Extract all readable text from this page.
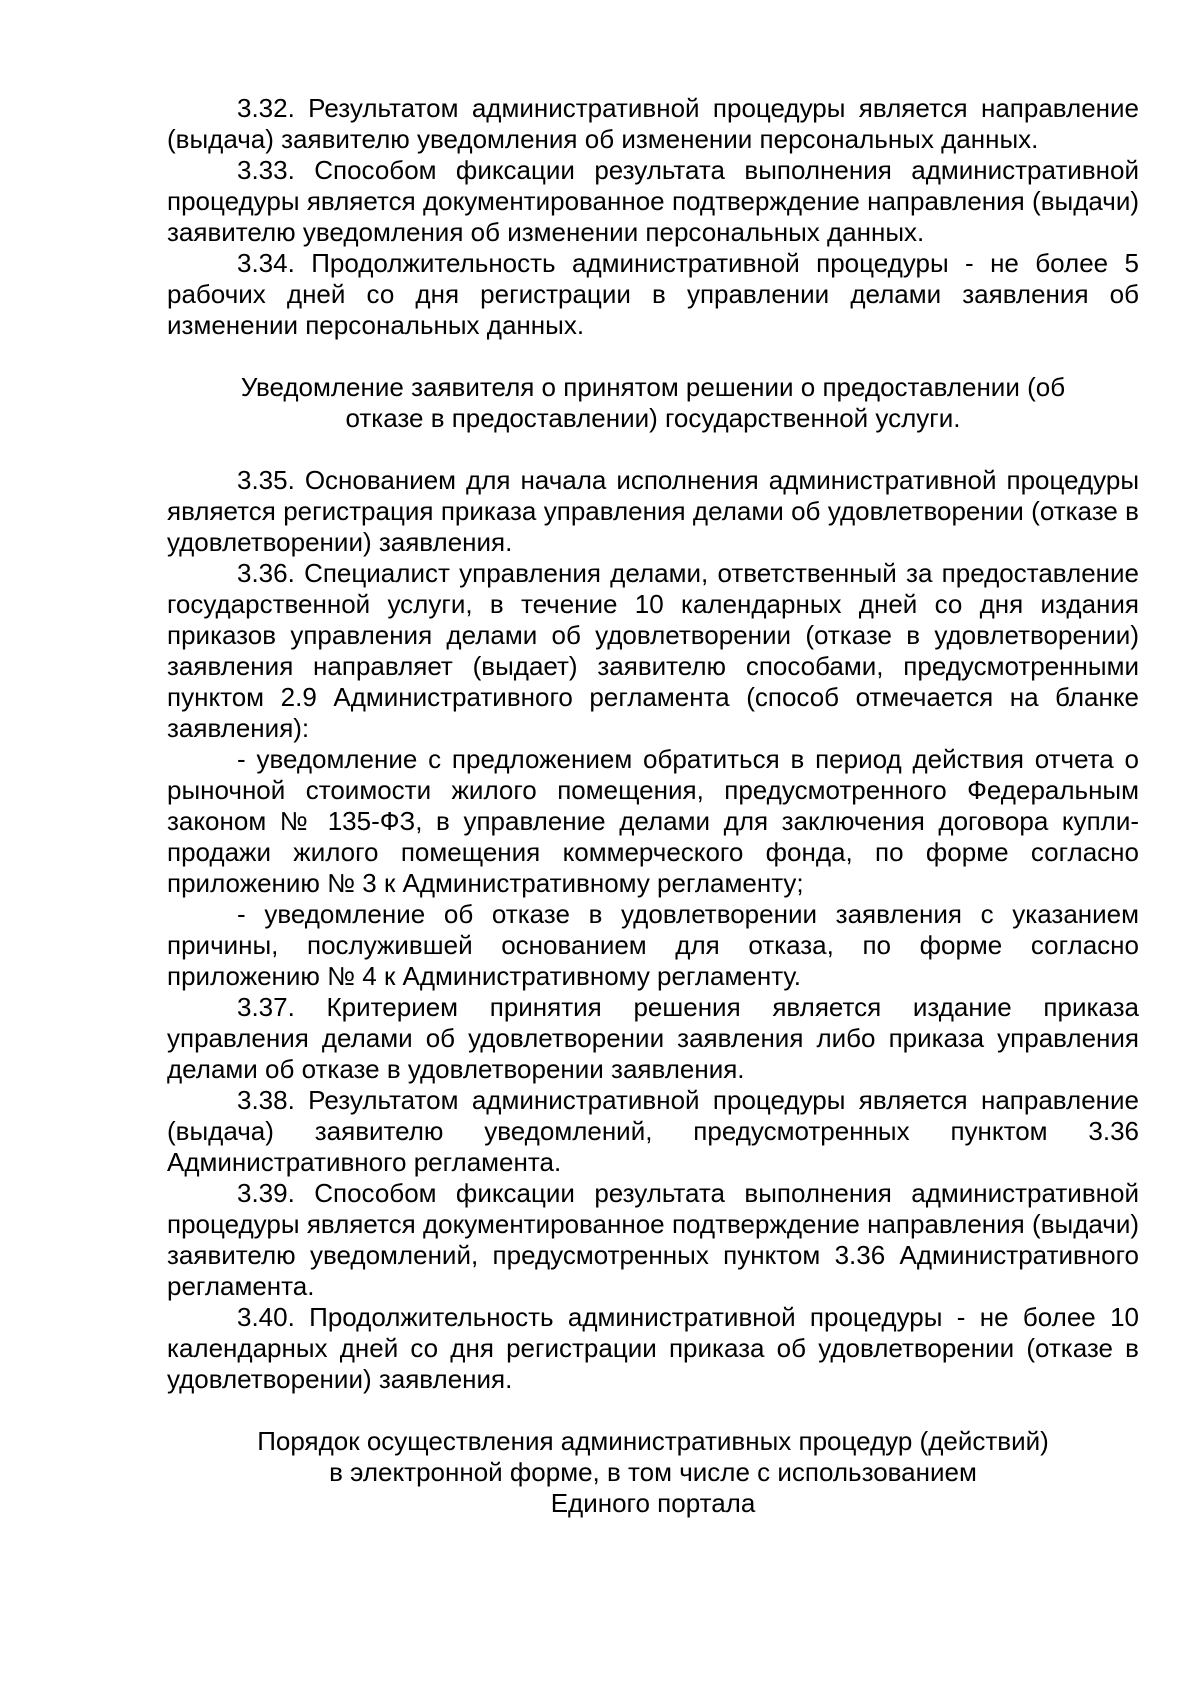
3.32. Результатом административной процедуры является направление (выдача) заявителю уведомления об изменении персональных данных.

3.33. Способом фиксации результата выполнения административной процедуры является документированное подтверждение направления (выдачи) заявителю уведомления об изменении персональных данных.

3.34. Продолжительность административной процедуры - не более 5 рабочих дней со дня регистрации в управлении делами заявления об изменении персональных данных.

Уведомление заявителя о принятом решении о предоставлении (об
отказе в предоставлении) государственной услуги.

3.35. Основанием для начала исполнения административной процедуры является регистрация приказа управления делами об удовлетворении (отказе в удовлетворении) заявления.

3.36. Специалист управления делами, ответственный за предоставление государственной услуги, в течение 10 календарных дней со дня издания приказов управления делами об удовлетворении (отказе в удовлетворении) заявления направляет (выдает) заявителю способами, предусмотренными пунктом 2.9 Административного регламента (способ отмечается на бланке заявления):

- уведомление с предложением обратиться в период действия отчета о рыночной стоимости жилого помещения, предусмотренного Федеральным законом № 135-ФЗ, в управление делами для заключения договора купли-продажи жилого помещения коммерческого фонда, по форме согласно приложению № 3 к Административному регламенту;

- уведомление об отказе в удовлетворении заявления с указанием причины, послужившей основанием для отказа, по форме согласно приложению № 4 к Административному регламенту.

3.37. Критерием принятия решения является издание приказа управления делами об удовлетворении заявления либо приказа управления делами об отказе в удовлетворении заявления.

3.38. Результатом административной процедуры является направление (выдача) заявителю уведомлений, предусмотренных пунктом 3.36 Административного регламента.

3.39. Способом фиксации результата выполнения административной процедуры является документированное подтверждение направления (выдачи) заявителю уведомлений, предусмотренных пунктом 3.36 Административного регламента.

3.40. Продолжительность административной процедуры - не более 10 календарных дней со дня регистрации приказа об удовлетворении (отказе в удовлетворении) заявления.

Порядок осуществления административных процедур (действий)
в электронной форме, в том числе с использованием
Единого портала
